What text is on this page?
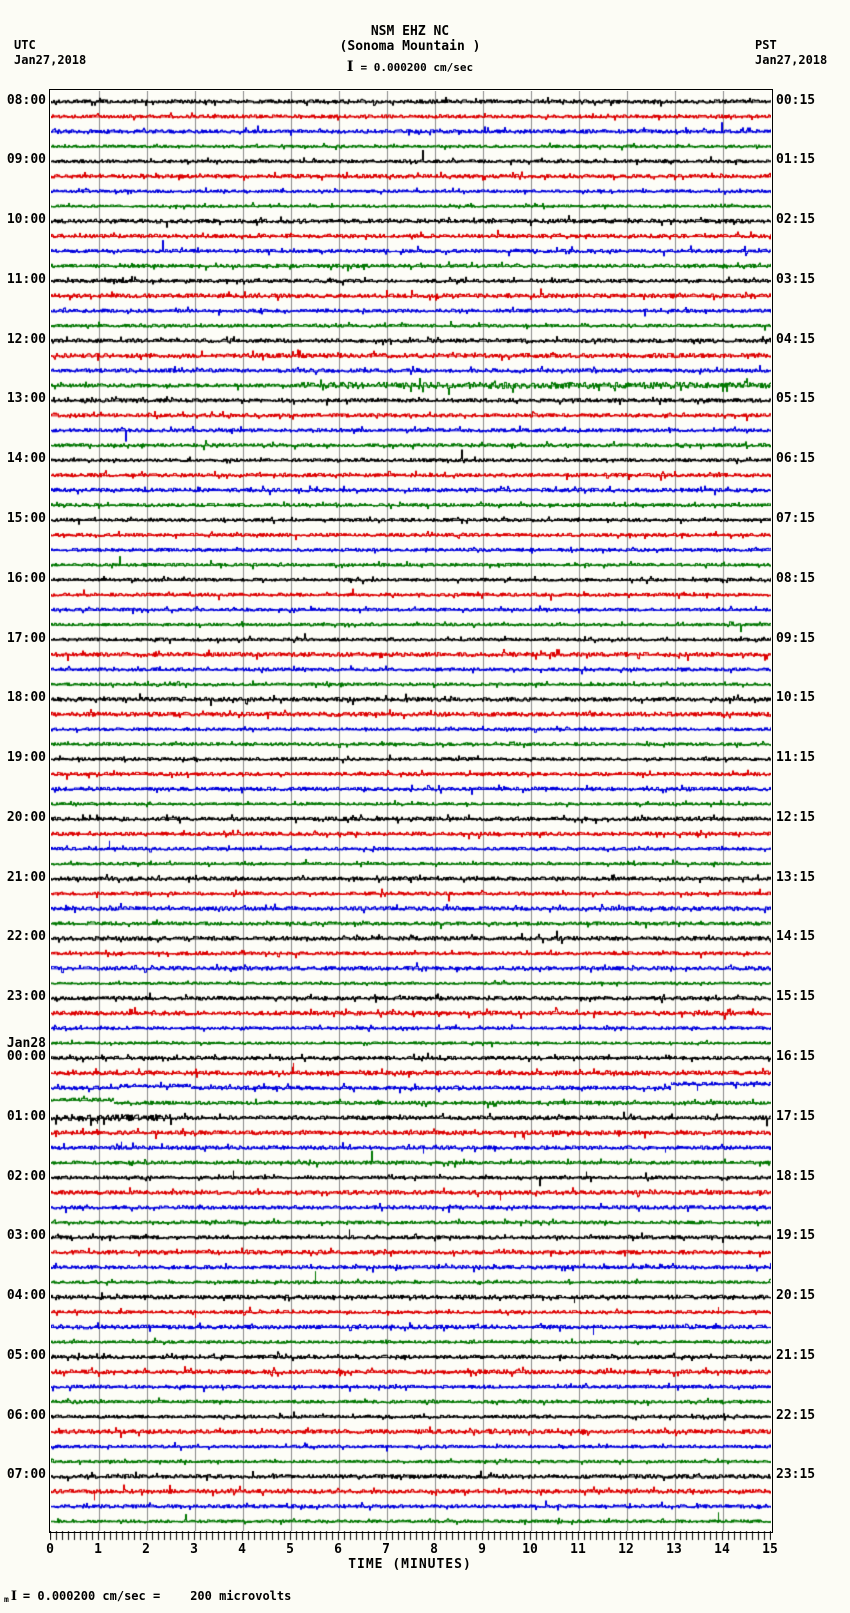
NSM EHZ NC
(Sonoma Mountain )
I = 0.000200 cm/sec
UTC
Jan27,2018
PST
Jan27,2018
08:00
09:00
10:00
11:00
12:00
13:00
14:00
15:00
16:00
17:00
18:00
19:00
20:00
21:00
22:00
23:00
Jan28
00:00
01:00
02:00
03:00
04:00
05:00
06:00
07:00
00:15
01:15
02:15
03:15
04:15
05:15
06:15
07:15
08:15
09:15
10:15
11:15
12:15
13:15
14:15
15:15
16:15
17:15
18:15
19:15
20:15
21:15
22:15
23:15
0	1	2	3	4	5	6	7	8	9	10	11	12	13	14	15
TIME (MINUTES)
m I = 0.000200 cm/sec =	200 microvolts
